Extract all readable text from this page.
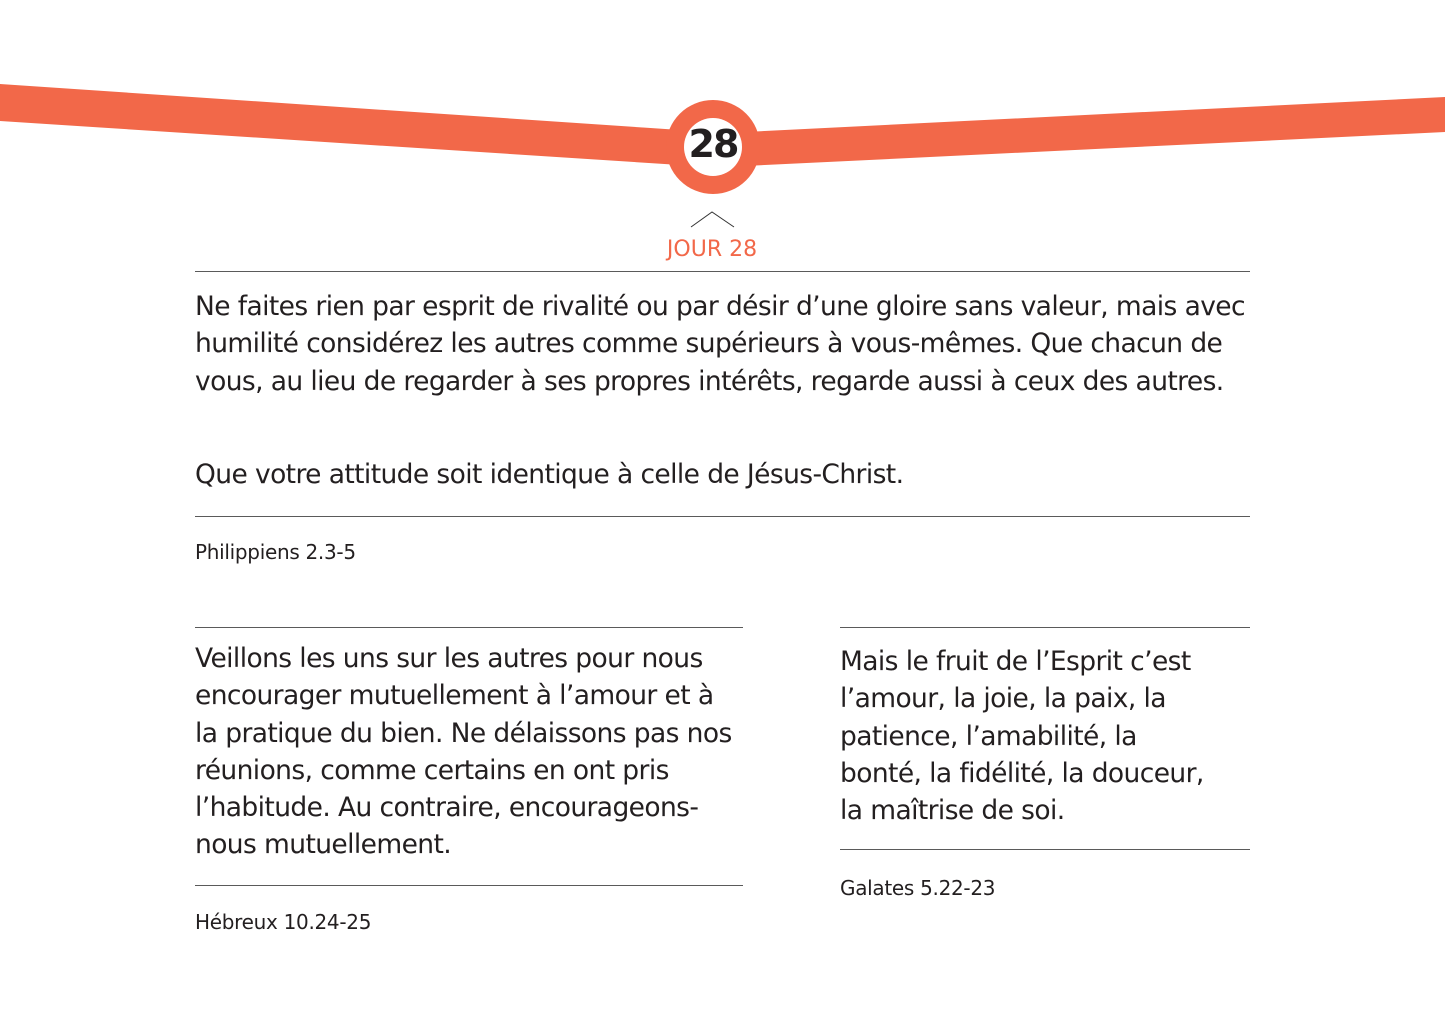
28
JOUR 28

Ne faites rien par esprit de rivalité ou par désir d’une gloire sans valeur, mais avec humilité considérez les autres comme supérieurs à vous-mêmes. Que chacun de vous, au lieu de regarder à ses propres intérêts, regarde aussi à ceux des autres.

Que votre attitude soit identique à celle de Jésus-Christ.

Philippiens 2.3-5

Veillons les uns sur les autres pour nous encourager mutuellement à l’amour et à la pratique du bien. Ne délaissons pas nos réunions, comme certains en ont pris l’habitude. Au contraire, encourageons-nous mutuellement.

Hébreux 10.24-25

Mais le fruit de l’Esprit c’est l’amour, la joie, la paix, la patience, l’amabilité, la bonté, la fidélité, la douceur, la maîtrise de soi.

Galates 5.22-23
